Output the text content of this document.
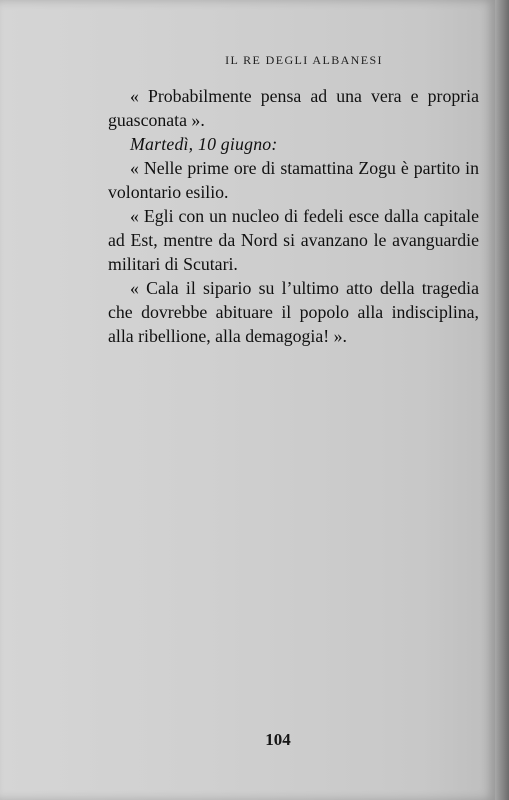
IL RE DEGLI ALBANESI

« Probabilmente pensa ad una vera e propria guasconata ».

Martedì, 10 giugno:

« Nelle prime ore di stamattina Zogu è partito in volontario esilio.

« Egli con un nucleo di fedeli esce dalla capitale ad Est, mentre da Nord si avanzano le avanguardie militari di Scutari.

« Cala il sipario su l’ultimo atto della tragedia che dovrebbe abituare il popolo alla indisciplina, alla ribellione, alla demagogia! ».

104
